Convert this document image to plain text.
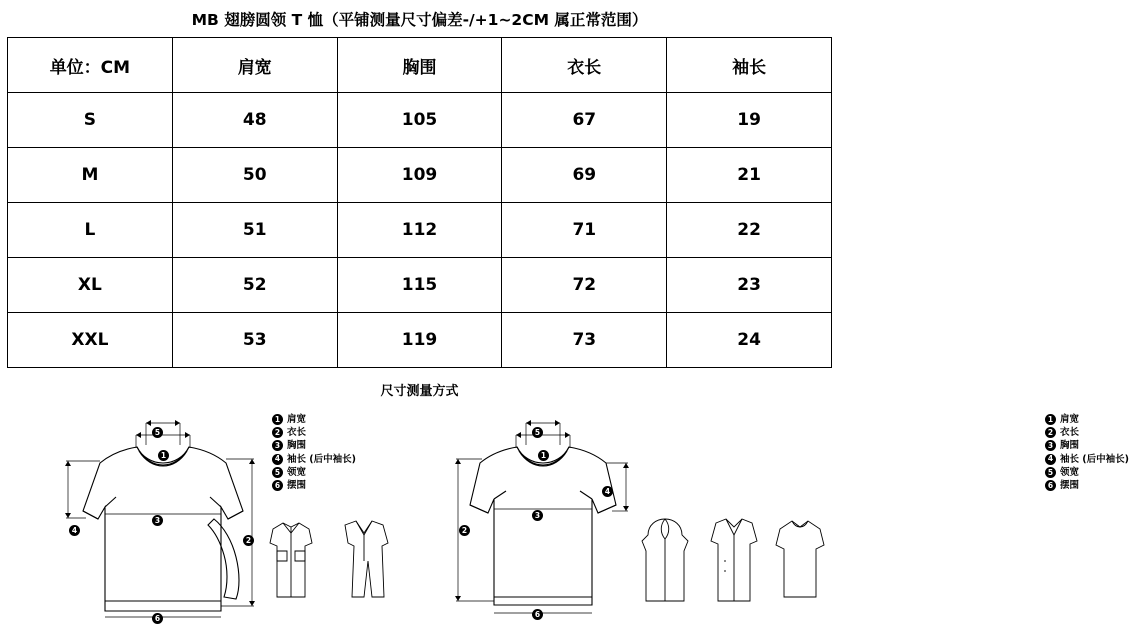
MB 翅膀圆领 T 恤（平铺测量尺寸偏差-/+1~2CM 属正常范围）
单位：CM	肩宽	胸围	衣长	袖长
S	48	105	67	19
M	50	109	69	21
L	51	112	71	22
XL	52	115	72	23
XXL	53	119	73	24
尺寸测量方式
1
2
3
4
5
6
1 肩宽
2 衣长
3 胸围
4 袖长 (后中袖长)
5 领宽
6 摆围
1
2
3
4
5
6
1 肩宽
2 衣长
3 胸围
4 袖长 (后中袖长)
5 领宽
6 摆围
